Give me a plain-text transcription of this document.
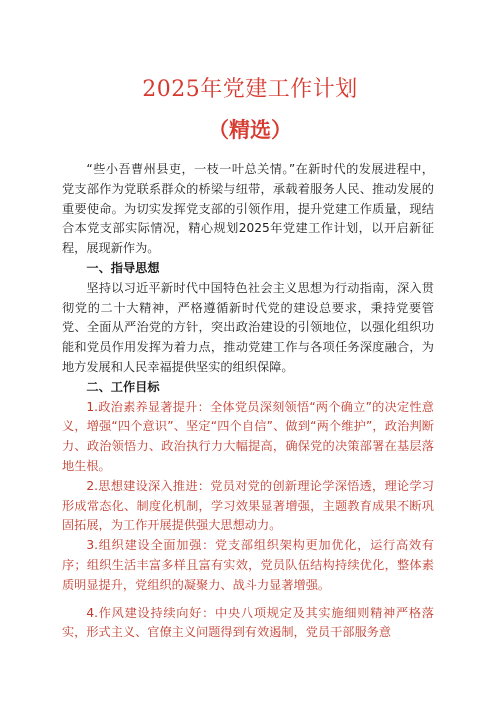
2025年党建工作计划
（精选）

“些小吾曹州县吏，一枝一叶总关情。”在新时代的发展进程中，党支部作为党联系群众的桥梁与纽带，承载着服务人民、推动发展的重要使命。为切实发挥党支部的引领作用，提升党建工作质量，现结合本党支部实际情况，精心规划2025年党建工作计划，以开启新征程，展现新作为。

一、指导思想

坚持以习近平新时代中国特色社会主义思想为行动指南，深入贯彻党的二十大精神，严格遵循新时代党的建设总要求，秉持党要管党、全面从严治党的方针，突出政治建设的引领地位，以强化组织功能和党员作用发挥为着力点，推动党建工作与各项任务深度融合，为地方发展和人民幸福提供坚实的组织保障。

二、工作目标

1.政治素养显著提升：全体党员深刻领悟“两个确立”的决定性意义，增强“四个意识”、坚定“四个自信”、做到“两个维护”，政治判断力、政治领悟力、政治执行力大幅提高，确保党的决策部署在基层落地生根。

2.思想建设深入推进：党员对党的创新理论学深悟透，理论学习形成常态化、制度化机制，学习效果显著增强，主题教育成果不断巩固拓展，为工作开展提供强大思想动力。

3.组织建设全面加强：党支部组织架构更加优化，运行高效有序；组织生活丰富多样且富有实效，党员队伍结构持续优化，整体素质明显提升，党组织的凝聚力、战斗力显著增强。

4.作风建设持续向好：中央八项规定及其实施细则精神严格落实，形式主义、官僚主义问题得到有效遏制，党员干部服务意
